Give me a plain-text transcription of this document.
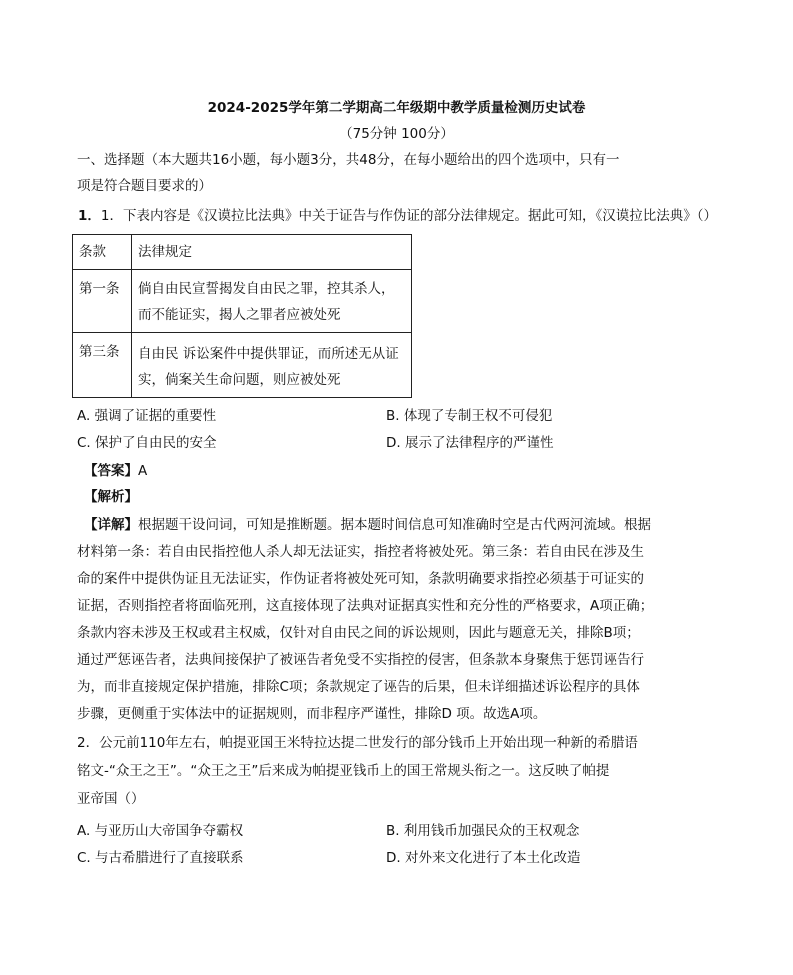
2024-2025学年第二学期高二年级期中教学质量检测历史试卷
（75分钟 100分）
一、选择题（本大题共16小题，每小题3分，共48分，在每小题给出的四个选项中，只有一
项是符合题目要求的）
1．1．下表内容是《汉谟拉比法典》中关于证告与作伪证的部分法律规定。据此可知，《汉谟拉比法典》（）
条款	法律规定
第一条	倘自由民宣誓揭发自由民之罪，控其杀人，
而不能证实，揭人之罪者应被处死

第三条	自由民 诉讼案件中提供罪证，而所述无从证
实，倘案关生命问题，则应被处死
A. 强调了证据的重要性	B. 体现了专制王权不可侵犯
C. 保护了自由民的安全	D. 展示了法律程序的严谨性
【答案】A
【解析】
【详解】根据题干设问词，可知是推断题。据本题时间信息可知准确时空是古代两河流域。根据
材料第一条：若自由民指控他人杀人却无法证实，指控者将被处死。第三条：若自由民在涉及生
命的案件中提供伪证且无法证实，作伪证者将被处死可知，条款明确要求指控必须基于可证实的
证据，否则指控者将面临死刑，这直接体现了法典对证据真实性和充分性的严格要求，A项正确；
条款内容未涉及王权或君主权威，仅针对自由民之间的诉讼规则，因此与题意无关，排除B项；
通过严惩诬告者，法典间接保护了被诬告者免受不实指控的侵害，但条款本身聚焦于惩罚诬告行
为，而非直接规定保护措施，排除C项；条款规定了诬告的后果，但未详细描述诉讼程序的具体
步骤，更侧重于实体法中的证据规则，而非程序严谨性，排除D 项。故选A项。
2．公元前110年左右，帕提亚国王米特拉达提二世发行的部分钱币上开始出现一种新的希腊语
铭文-“众王之王”。“众王之王”后来成为帕提亚钱币上的国王常规头衔之一。这反映了帕提
亚帝国（）
A. 与亚历山大帝国争夺霸权	B. 利用钱币加强民众的王权观念
C. 与古希腊进行了直接联系	D. 对外来文化进行了本土化改造
